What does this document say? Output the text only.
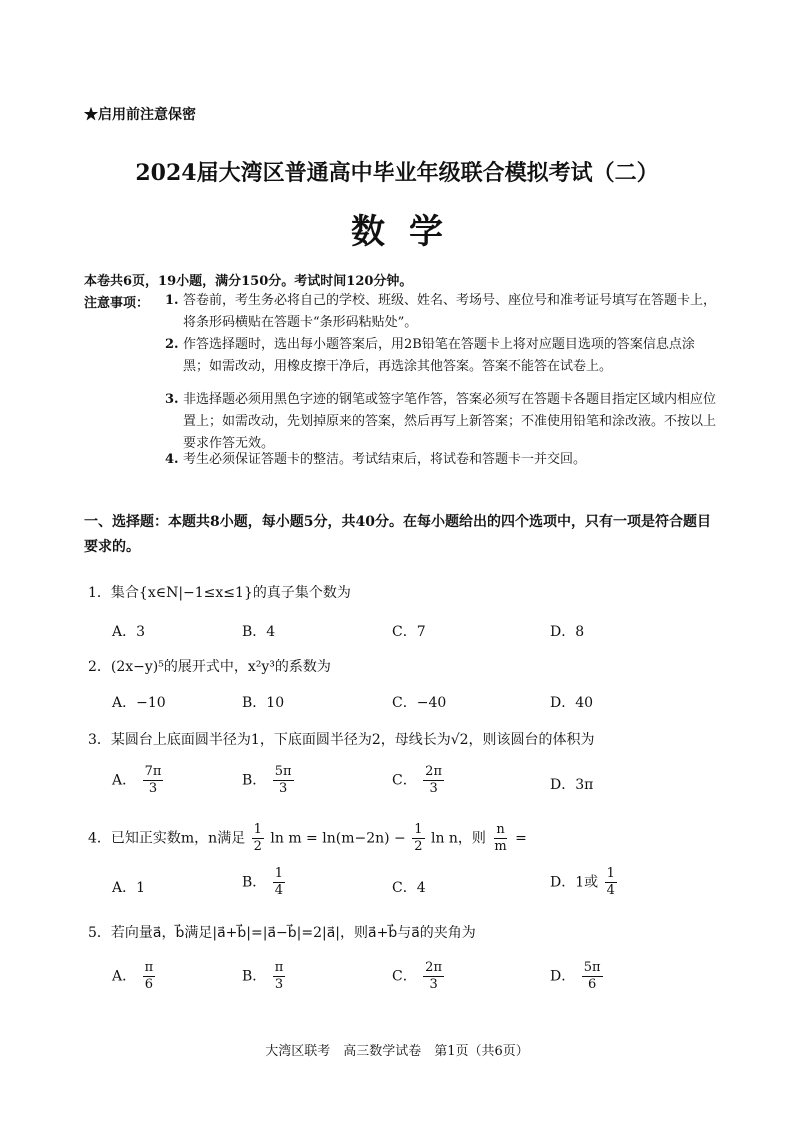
★启用前注意保密
2024届大湾区普通高中毕业年级联合模拟考试（二）
数学
本卷共6页，19小题，满分150分。考试时间120分钟。
注意事项： 1. 答卷前，考生务必将自己的学校、班级、姓名、考场号、座位号和准考证号填写在答题卡上，将条形码横贴在答题卡“条形码粘贴处”。
2. 作答选择题时，选出每小题答案后，用2B铅笔在答题卡上将对应题目选项的答案信息点涂黑；如需改动，用橡皮擦干净后，再选涂其他答案。答案不能答在试卷上。
3. 非选择题必须用黑色字迹的钢笔或签字笔作答，答案必须写在答题卡各题目指定区域内相应位置上；如需改动，先划掉原来的答案，然后再写上新答案；不准使用铅笔和涂改液。不按以上要求作答无效。
4. 考生必须保证答题卡的整洁。考试结束后，将试卷和答题卡一并交回。
一、选择题：本题共8小题，每小题5分，共40分。在每小题给出的四个选项中，只有一项是符合题目要求的。
1．集合{x∈N|−1≤x≤1}的真子集个数为
A．3	B．4	C．7	D．8
2．(2x−y)⁵的展开式中，x²y³的系数为
A．−10	B．10	C．−40	D．40
3．某圆台上底面圆半径为1，下底面圆半径为2，母线长为√2，则该圆台的体积为
A． $\frac{7\pi}{3}$	B． $\frac{5\pi}{3}$	C． $\frac{2\pi}{3}$	D．3π
4．已知正实数m，n满足 $\frac{1}{2}$ $\ln m = \ln(m-2n) - \frac{1}{2}$ ln n，则 $\frac{n}{m}$ =
A．1	B． $\frac{1}{4}$	C．4	D．1或 $\frac{1}{4}$
5．若向量a⃗，b⃗满足|a⃗+b⃗|=|a⃗−b⃗|=2|a⃗|，则a⃗+b⃗与a⃗的夹角为
A． $\frac{\pi}{6}$	B． $\frac{\pi}{3}$	C． $\frac{2\pi}{3}$	D． $\frac{5\pi}{6}$
大湾区联考　高三数学试卷　第1页（共6页）
